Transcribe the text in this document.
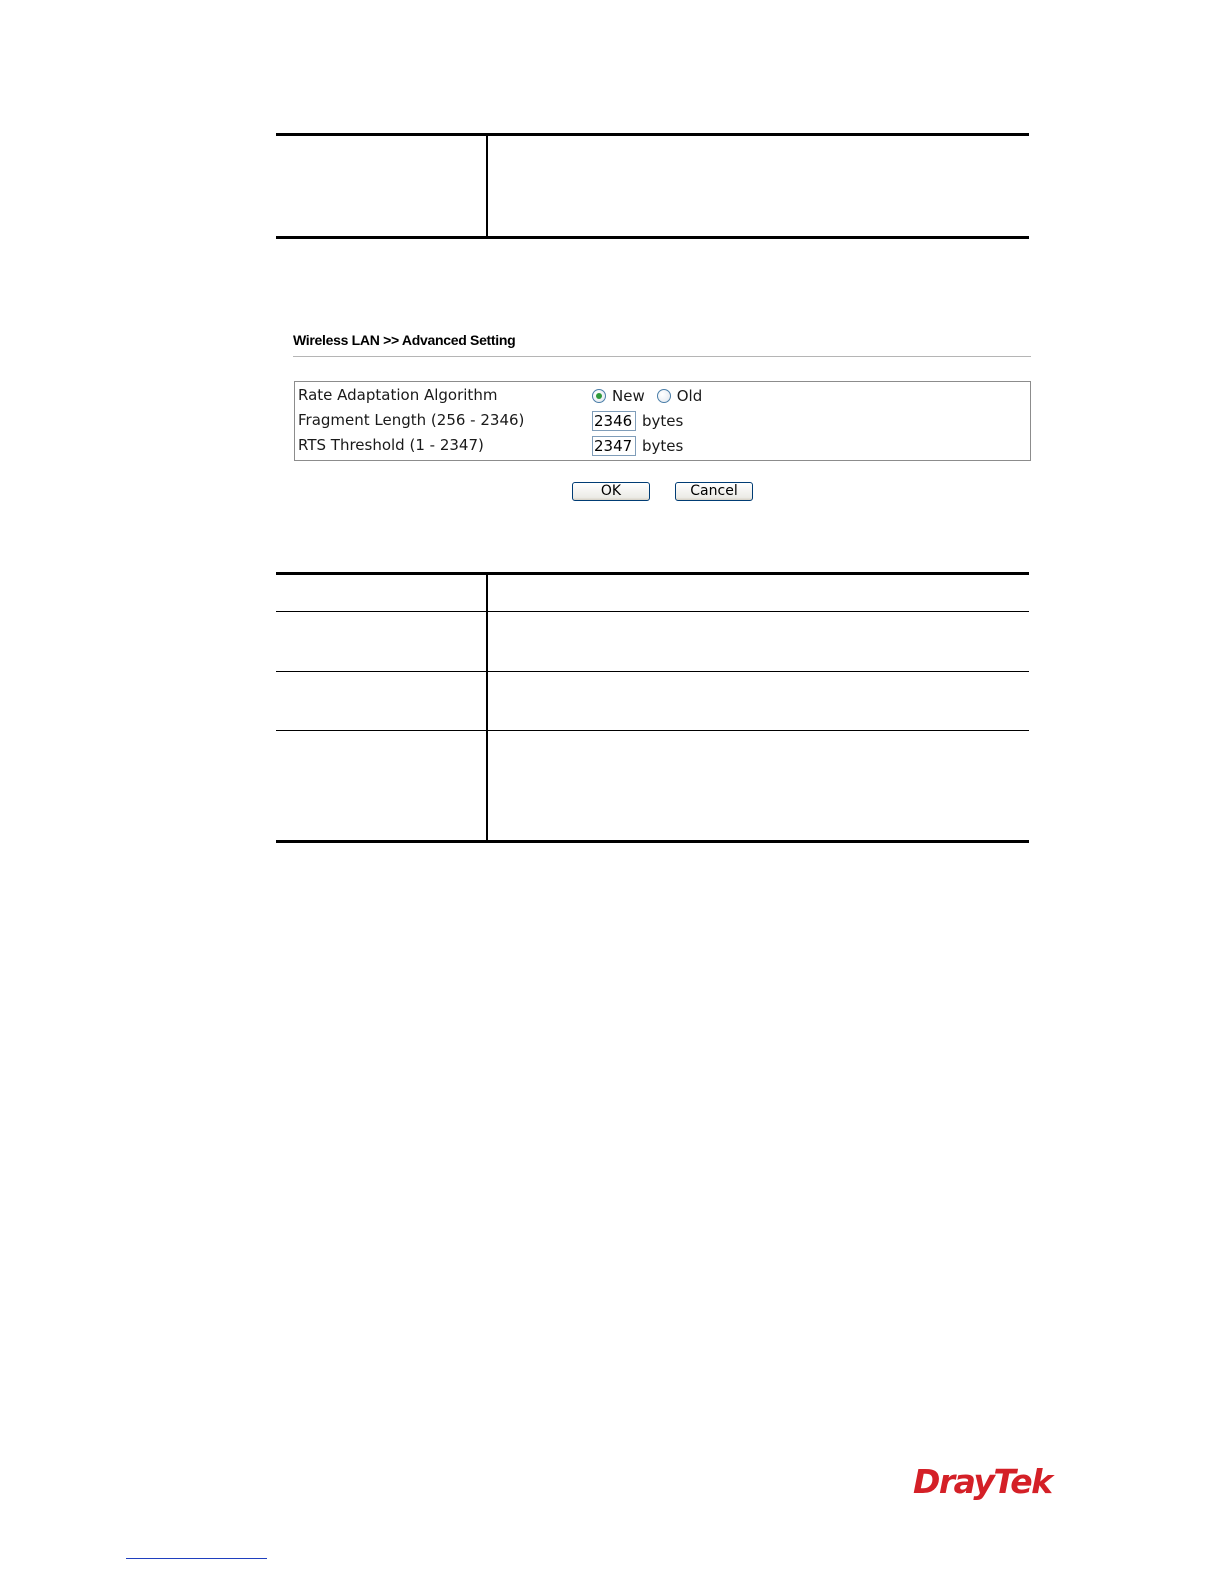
Wireless LAN >> Advanced Setting
Rate Adaptation Algorithm	New Old
Fragment Length (256 - 2346)	2346 bytes
RTS Threshold (1 - 2347)	2347 bytes
OK	Cancel
DrayTek
